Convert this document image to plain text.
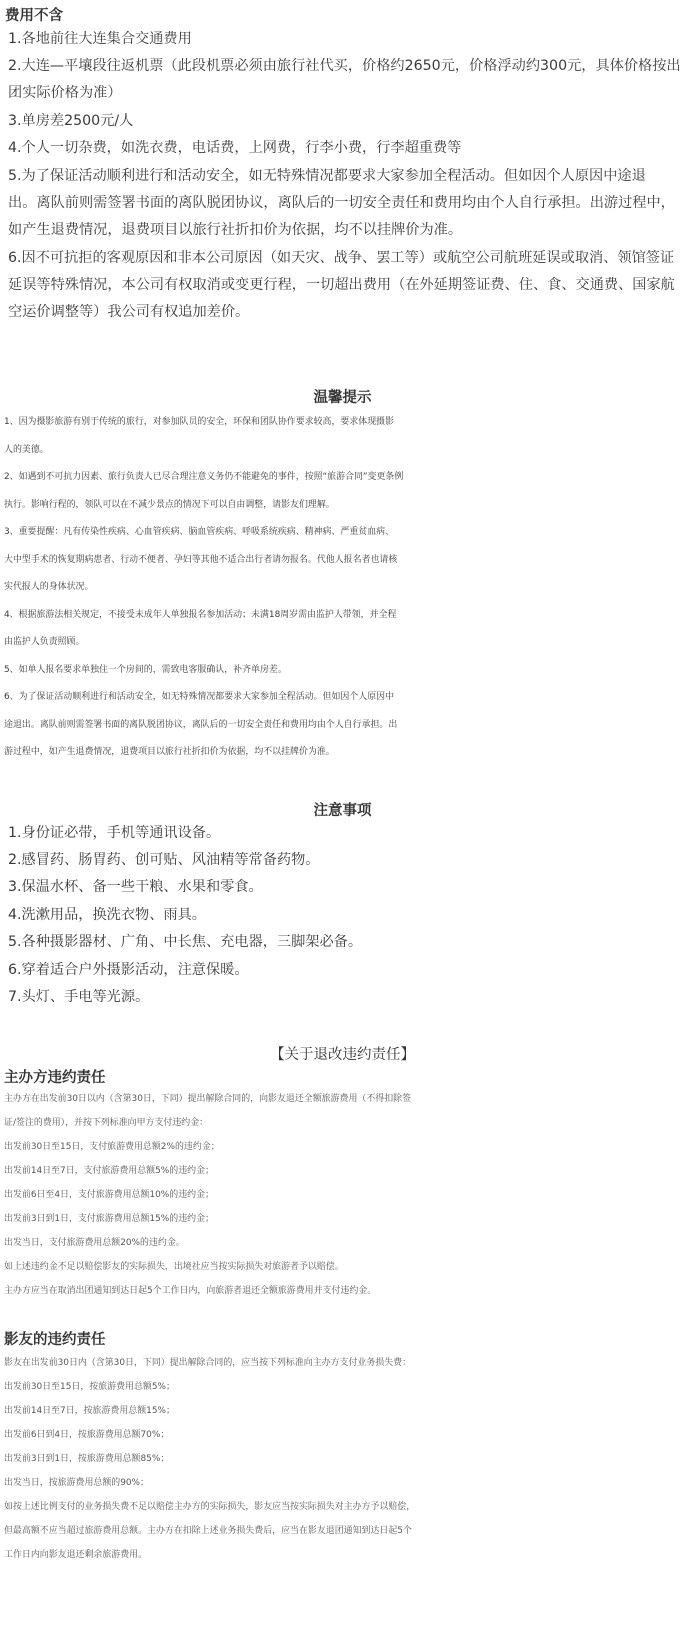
费用不含
1.各地前往大连集合交通费用
2.大连—平壤段往返机票（此段机票必须由旅行社代买，价格约2650元，价格浮动约300元，具体价格按出
团实际价格为准）
3.单房差2500元/人
4.个人一切杂费，如洗衣费，电话费，上网费，行李小费，行李超重费等
5.为了保证活动顺利进行和活动安全，如无特殊情况都要求大家参加全程活动。但如因个人原因中途退
出。离队前则需签署书面的离队脱团协议，离队后的一切安全责任和费用均由个人自行承担。出游过程中，
如产生退费情况，退费项目以旅行社折扣价为依据，均不以挂牌价为准。
6.因不可抗拒的客观原因和非本公司原因（如天灾、战争、罢工等）或航空公司航班延误或取消、领馆签证
延误等特殊情况，本公司有权取消或变更行程，一切超出费用（在外延期签证费、住、食、交通费、国家航
空运价调整等）我公司有权追加差价。
温馨提示
1、因为摄影旅游有别于传统的旅行，对参加队员的安全，环保和团队协作要求较高，要求体现摄影
人的美德。
2、如遇到不可抗力因素、旅行负责人已尽合理注意义务仍不能避免的事件，按照“旅游合同”变更条例
执行。影响行程的，领队可以在不减少景点的情况下可以自由调整，请影友们理解。
3、重要提醒：凡有传染性疾病、心血管疾病、脑血管疾病、呼吸系统疾病、精神病、严重贫血病、
大中型手术的恢复期病患者、行动不便者、孕妇等其他不适合出行者请勿报名。代他人报名者也请核
实代报人的身体状况。
4、根据旅游法相关规定，不接受未成年人单独报名参加活动；未满18周岁需由监护人带领，并全程
由监护人负责照顾。
5、如单人报名要求单独住一个房间的，需致电客服确认，补齐单房差。
6、为了保证活动顺利进行和活动安全，如无特殊情况都要求大家参加全程活动。但如因个人原因中
途退出。离队前则需签署书面的离队脱团协议，离队后的一切安全责任和费用均由个人自行承担。出
游过程中，如产生退费情况，退费项目以旅行社折扣价为依据，均不以挂牌价为准。
注意事项
1.身份证必带，手机等通讯设备。
2.感冒药、肠胃药、创可贴、风油精等常备药物。
3.保温水杯、备一些干粮、水果和零食。
4.洗漱用品，换洗衣物、雨具。
5.各种摄影器材、广角、中长焦、充电器，三脚架必备。
6.穿着适合户外摄影活动，注意保暖。
7.头灯、手电等光源。
【关于退改违约责任】
主办方违约责任
主办方在出发前30日以内（含第30日，下同）提出解除合同的，向影友退还全额旅游费用（不得扣除签
证/签注的费用），并按下列标准向甲方支付违约金：
出发前30日至15日，支付旅游费用总额2%的违约金；
出发前14日至7日，支付旅游费用总额5%的违约金；
出发前6日至4日，支付旅游费用总额10%的违约金；
出发前3日到1日，支付旅游费用总额15%的违约金；
出发当日，支付旅游费用总额20%的违约金。
如上述违约金不足以赔偿影友的实际损失，出境社应当按实际损失对旅游者予以赔偿。
主办方应当在取消出团通知到达日起5个工作日内，向旅游者退还全额旅游费用并支付违约金。
影友的违约责任
影友在出发前30日内（含第30日，下同）提出解除合同的，应当按下列标准向主办方支付业务损失费：
出发前30日至15日，按旅游费用总额5%；
出发前14日至7日，按旅游费用总额15%；
出发前6日到4日，按旅游费用总额70%；
出发前3日到1日，按旅游费用总额85%；
出发当日，按旅游费用总额的90%；
如按上述比例支付的业务损失费不足以赔偿主办方的实际损失，影友应当按实际损失对主办方予以赔偿，
但最高额不应当超过旅游费用总额。主办方在扣除上述业务损失费后，应当在影友退团通知到达日起5个
工作日内向影友退还剩余旅游费用。
